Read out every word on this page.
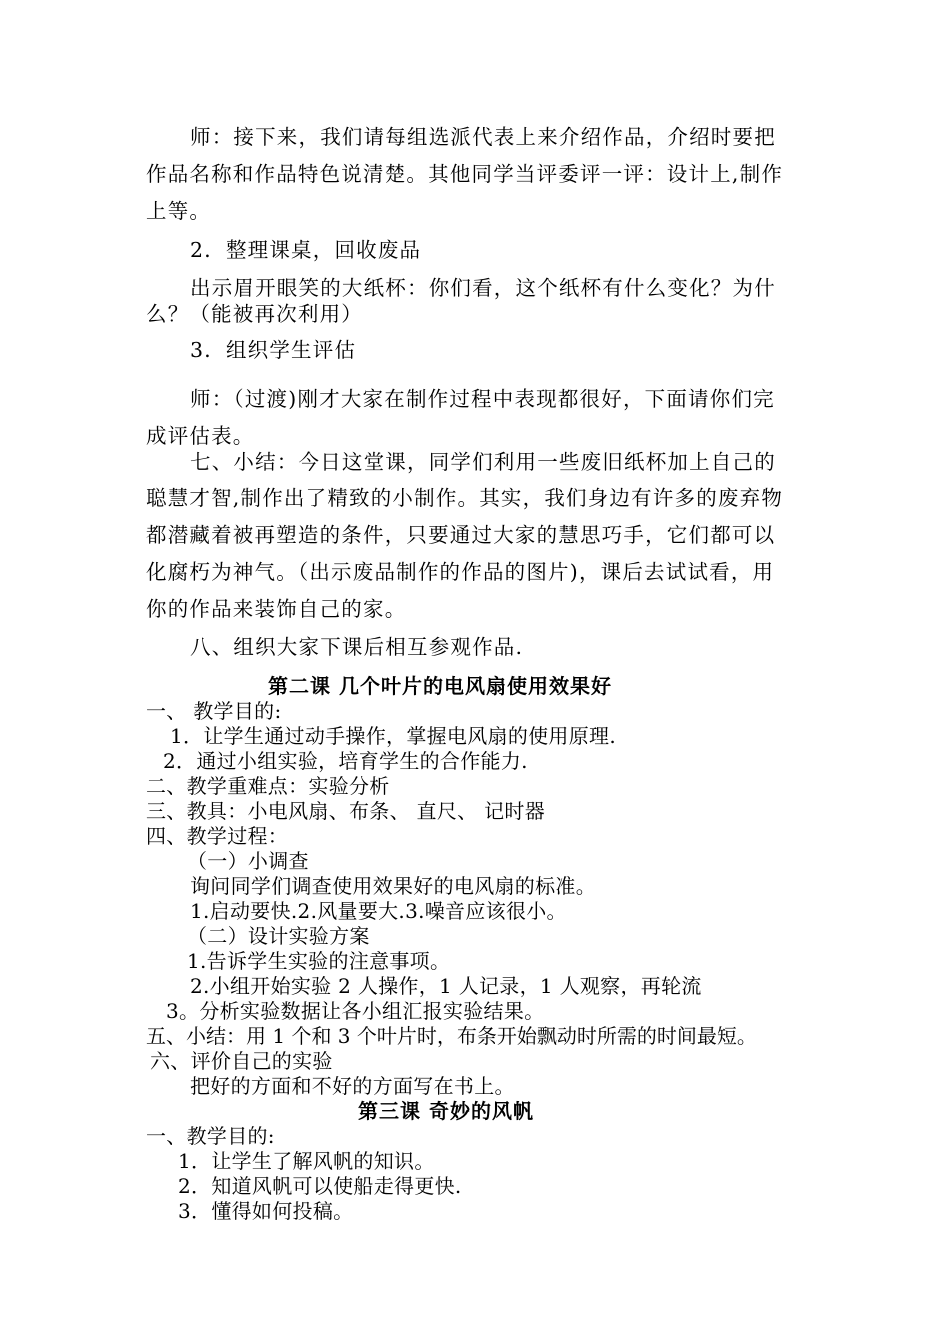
师：接下来，我们请每组选派代表上来介绍作品，介绍时要把
作品名称和作品特色说清楚。其他同学当评委评一评：设计上,制作
上等。
2．整理课桌，回收废品
出示眉开眼笑的大纸杯：你们看，这个纸杯有什么变化？为什
么？（能被再次利用）
3．组织学生评估
师：（过渡)刚才大家在制作过程中表现都很好，下面请你们完
成评估表。
七、小结：今日这堂课，同学们利用一些废旧纸杯加上自己的
聪慧才智,制作出了精致的小制作。其实，我们身边有许多的废弃物
都潜藏着被再塑造的条件，只要通过大家的慧思巧手，它们都可以
化腐朽为神气。（出示废品制作的作品的图片)，课后去试试看，用
你的作品来装饰自己的家。
八、组织大家下课后相互参观作品.
第二课 几个叶片的电风扇使用效果好
一、 教学目的:
1．让学生通过动手操作，掌握电风扇的使用原理.
2．通过小组实验，培育学生的合作能力.
二、教学重难点：实验分析
三、教具：小电风扇、布条、 直尺、 记时器
四、教学过程：
（一）小调查
询问同学们调查使用效果好的电风扇的标准。
1.启动要快.2.风量要大.3.噪音应该很小。
（二）设计实验方案
1.告诉学生实验的注意事项。
2.小组开始实验 2 人操作，1 人记录，1 人观察，再轮流
3。分析实验数据让各小组汇报实验结果。
五、小结：用 1 个和 3 个叶片时，布条开始飘动时所需的时间最短。
六、评价自己的实验
把好的方面和不好的方面写在书上。
第三课 奇妙的风帆
一、教学目的:
1．让学生了解风帆的知识。
2．知道风帆可以使船走得更快.
3．懂得如何投稿。
